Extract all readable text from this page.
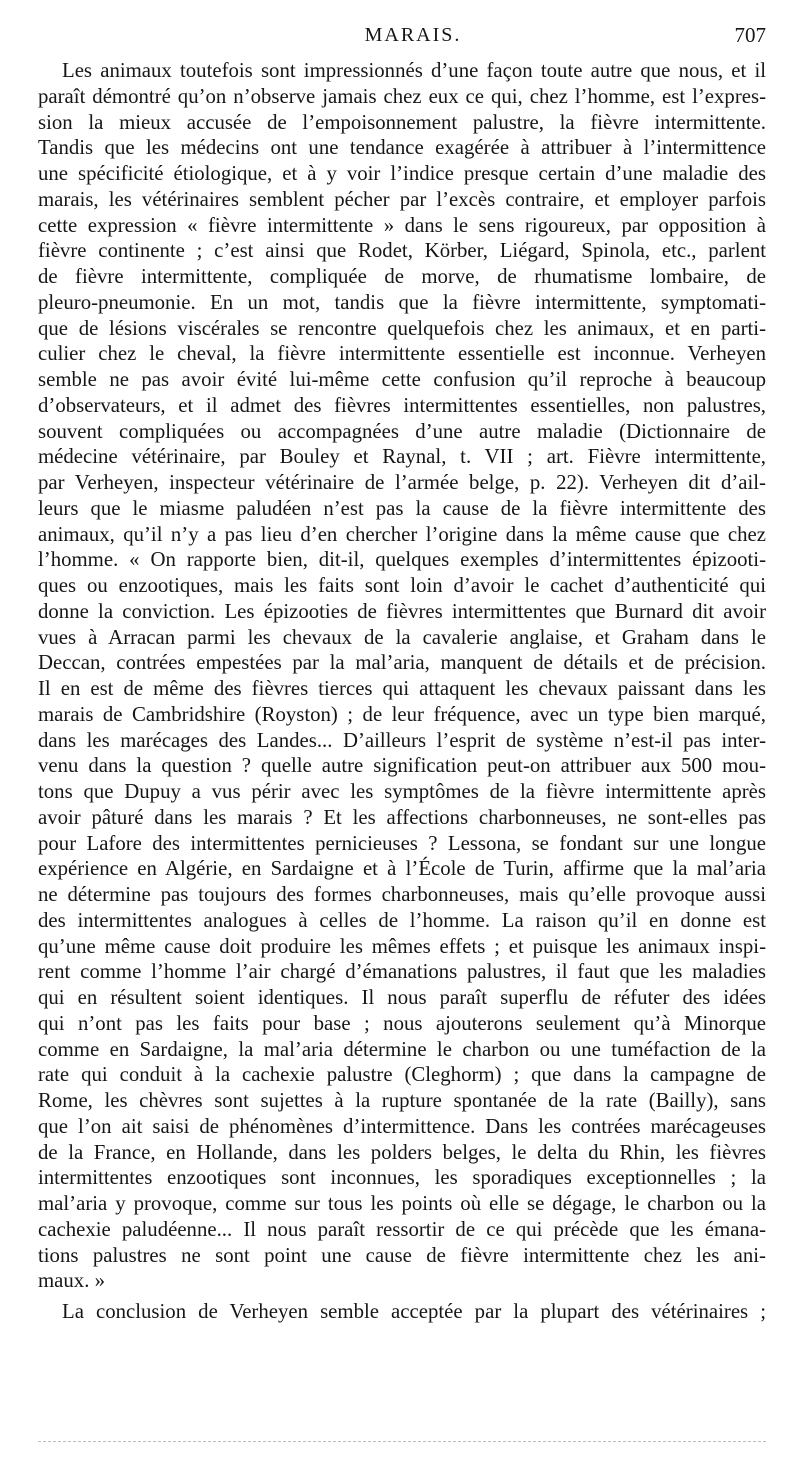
MARAIS.	707
Les animaux toutefois sont impressionnés d’une façon toute autre que nous, et il
paraît démontré qu’on n’observe jamais chez eux ce qui, chez l’homme, est l’expres-
sion la mieux accusée de l’empoisonnement palustre, la fièvre intermittente.
Tandis que les médecins ont une tendance exagérée à attribuer à l’intermittence
une spécificité étiologique, et à y voir l’indice presque certain d’une maladie des
marais, les vétérinaires semblent pécher par l’excès contraire, et employer parfois
cette expression « fièvre intermittente » dans le sens rigoureux, par opposition à
fièvre continente ; c’est ainsi que Rodet, Körber, Liégard, Spinola, etc., parlent
de fièvre intermittente, compliquée de morve, de rhumatisme lombaire, de
pleuro-pneumonie. En un mot, tandis que la fièvre intermittente, symptomati-
que de lésions viscérales se rencontre quelquefois chez les animaux, et en parti-
culier chez le cheval, la fièvre intermittente essentielle est inconnue. Verheyen
semble ne pas avoir évité lui-même cette confusion qu’il reproche à beaucoup
d’observateurs, et il admet des fièvres intermittentes essentielles, non palustres,
souvent compliquées ou accompagnées d’une autre maladie (Dictionnaire de
médecine vétérinaire, par Bouley et Raynal, t. VII ; art. Fièvre intermittente,
par Verheyen, inspecteur vétérinaire de l’armée belge, p. 22). Verheyen dit d’ail-
leurs que le miasme paludéen n’est pas la cause de la fièvre intermittente des
animaux, qu’il n’y a pas lieu d’en chercher l’origine dans la même cause que chez
l’homme. « On rapporte bien, dit-il, quelques exemples d’intermittentes épizooti-
ques ou enzootiques, mais les faits sont loin d’avoir le cachet d’authenticité qui
donne la conviction. Les épizooties de fièvres intermittentes que Burnard dit avoir
vues à Arracan parmi les chevaux de la cavalerie anglaise, et Graham dans le
Deccan, contrées empestées par la mal’aria, manquent de détails et de précision.
Il en est de même des fièvres tierces qui attaquent les chevaux paissant dans les
marais de Cambridshire (Royston) ; de leur fréquence, avec un type bien marqué,
dans les marécages des Landes... D’ailleurs l’esprit de système n’est-il pas inter-
venu dans la question ? quelle autre signification peut-on attribuer aux 500 mou-
tons que Dupuy a vus périr avec les symptômes de la fièvre intermittente après
avoir pâturé dans les marais ? Et les affections charbonneuses, ne sont-elles pas
pour Lafore des intermittentes pernicieuses ? Lessona, se fondant sur une longue
expérience en Algérie, en Sardaigne et à l’École de Turin, affirme que la mal’aria
ne détermine pas toujours des formes charbonneuses, mais qu’elle provoque aussi
des intermittentes analogues à celles de l’homme. La raison qu’il en donne est
qu’une même cause doit produire les mêmes effets ; et puisque les animaux inspi-
rent comme l’homme l’air chargé d’émanations palustres, il faut que les maladies
qui en résultent soient identiques. Il nous paraît superflu de réfuter des idées
qui n’ont pas les faits pour base ; nous ajouterons seulement qu’à Minorque
comme en Sardaigne, la mal’aria détermine le charbon ou une tuméfaction de la
rate qui conduit à la cachexie palustre (Cleghorm) ; que dans la campagne de
Rome, les chèvres sont sujettes à la rupture spontanée de la rate (Bailly), sans
que l’on ait saisi de phénomènes d’intermittence. Dans les contrées marécageuses
de la France, en Hollande, dans les polders belges, le delta du Rhin, les fièvres
intermittentes enzootiques sont inconnues, les sporadiques exceptionnelles ; la
mal’aria y provoque, comme sur tous les points où elle se dégage, le charbon ou la
cachexie paludéenne... Il nous paraît ressortir de ce qui précède que les émana-
tions palustres ne sont point une cause de fièvre intermittente chez les ani-
maux. »
La conclusion de Verheyen semble acceptée par la plupart des vétérinaires ;
